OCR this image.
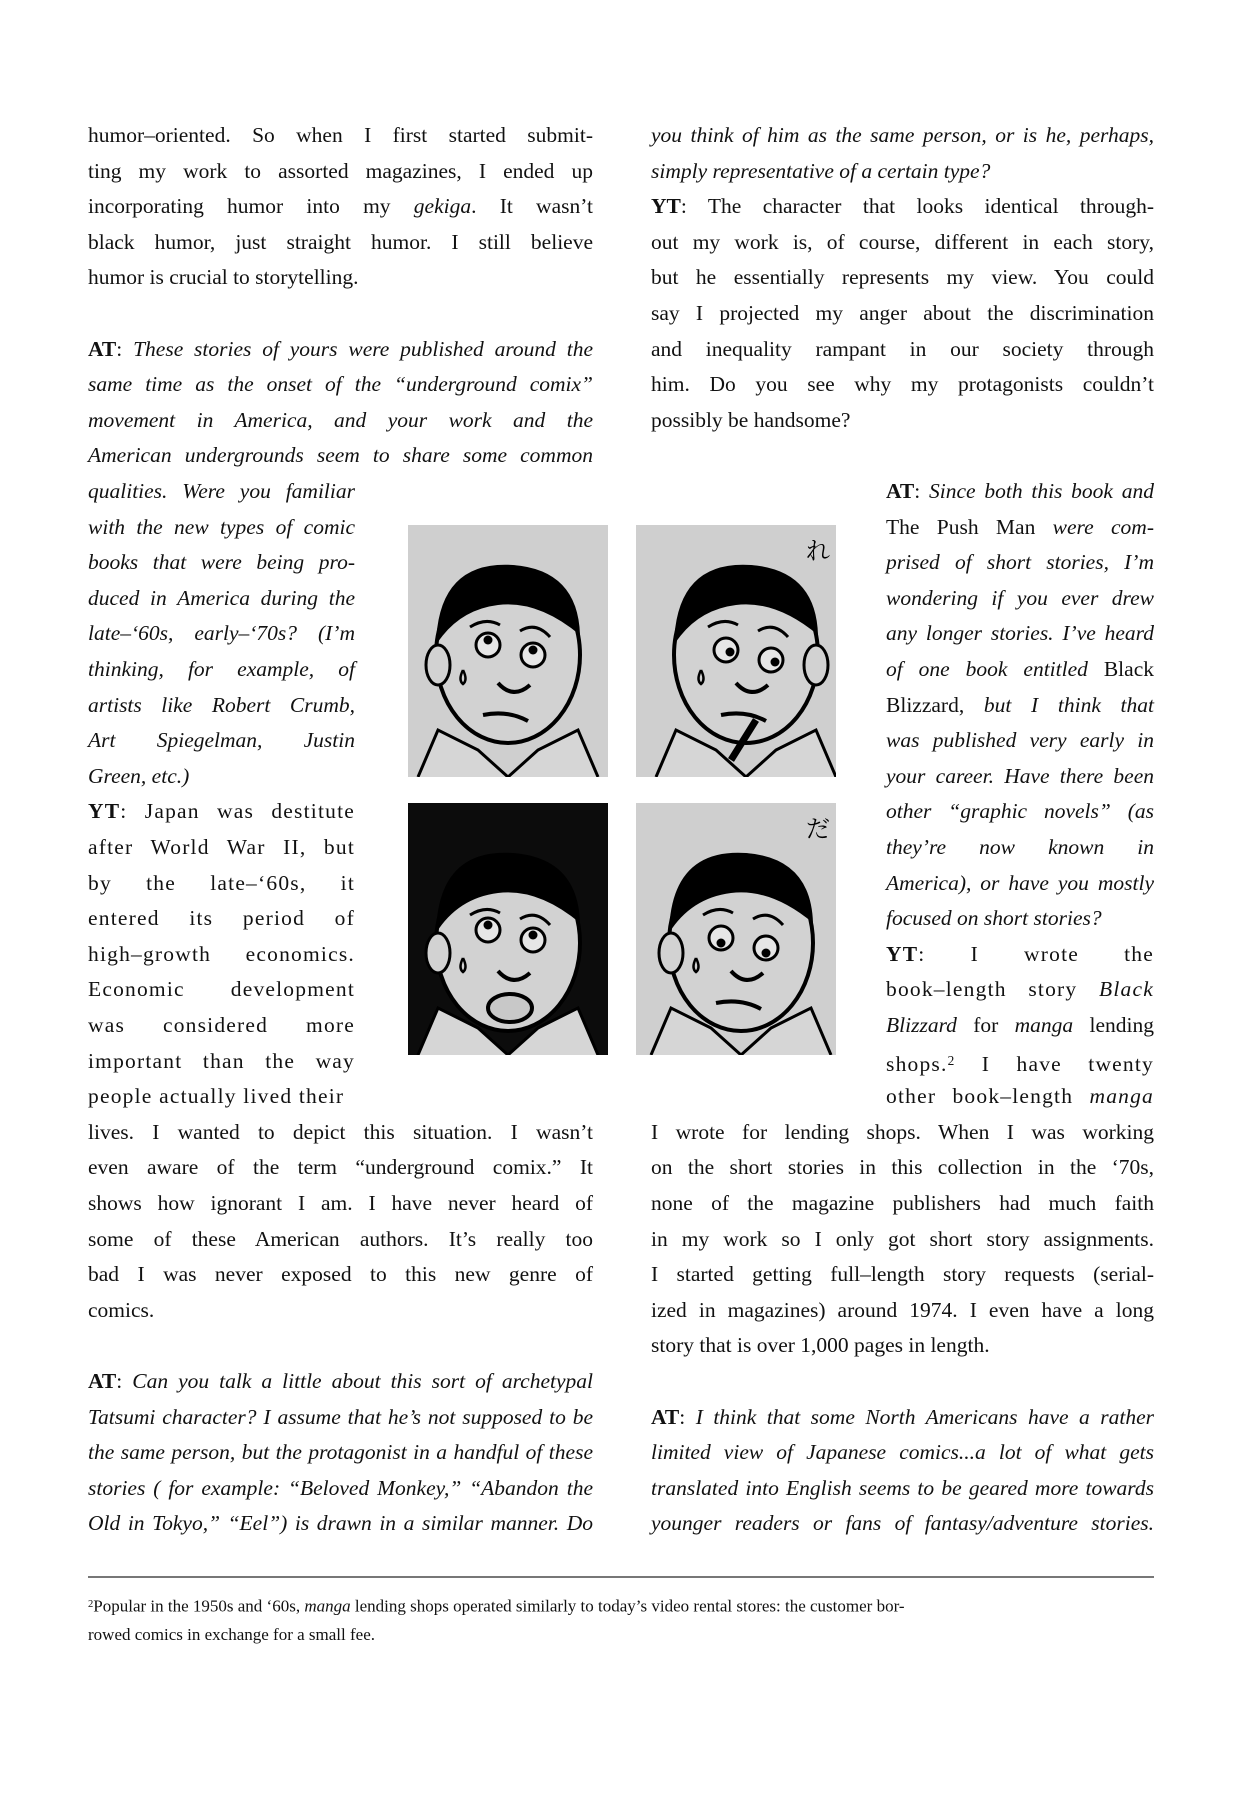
humor–oriented. So when I first started submit-
ting my work to assorted magazines, I ended up
incorporating humor into my gekiga. It wasn’t
black humor, just straight humor. I still believe
humor is crucial to storytelling.
AT: These stories of yours were published around the
same time as the onset of the “underground comix”
movement in America, and your work and the
American undergrounds seem to share some common
qualities. Were you familiar
with the new types of comic
books that were being pro-
duced in America during the
late–‘60s, early–‘70s? (I’m
thinking, for example, of
artists like Robert Crumb,
Art Spiegelman, Justin
Green, etc.)
YT: Japan was destitute
after World War II, but
by the late–‘60s, it
entered its period of
high–growth economics.
Economic development
was considered more
important than the way
people actually lived their
lives. I wanted to depict this situation. I wasn’t
even aware of the term “underground comix.” It
shows how ignorant I am. I have never heard of
some of these American authors. It’s really too
bad I was never exposed to this new genre of
comics.
AT: Can you talk a little about this sort of archetypal
Tatsumi character? I assume that he’s not supposed to be
the same person, but the protagonist in a handful of these
stories ( for example: “Beloved Monkey,” “Abandon the
Old in Tokyo,” “Eel”) is drawn in a similar manner. Do
you think of him as the same person, or is he, perhaps,
simply representative of a certain type?
YT: The character that looks identical through-
out my work is, of course, different in each story,
but he essentially represents my view. You could
say I projected my anger about the discrimination
and inequality rampant in our society through
him. Do you see why my protagonists couldn’t
possibly be handsome?
AT: Since both this book and
The Push Man were com-
prised of short stories, I’m
wondering if you ever drew
any longer stories. I’ve heard
of one book entitled Black
Blizzard, but I think that
was published very early in
your career. Have there been
other “graphic novels” (as
they’re now known in
America), or have you mostly
focused on short stories?
YT: I wrote the
book–length story Black
Blizzard for manga lending
shops.$^2$ I have twenty
other book–length manga
I wrote for lending shops. When I was working
on the short stories in this collection in the ‘70s,
none of the magazine publishers had much faith
in my work so I only got short story assignments.
I started getting full–length story requests (serial-
ized in magazines) around 1974. I even have a long
story that is over 1,000 pages in length.
AT: I think that some North Americans have a rather
limited view of Japanese comics...a lot of what gets
translated into English seems to be geared more towards
younger readers or fans of fantasy/adventure stories.
れ
だ
$^2$Popular in the 1950s and ‘60s, manga lending shops operated similarly to today’s video rental stores: the customer bor-
rowed comics in exchange for a small fee.
